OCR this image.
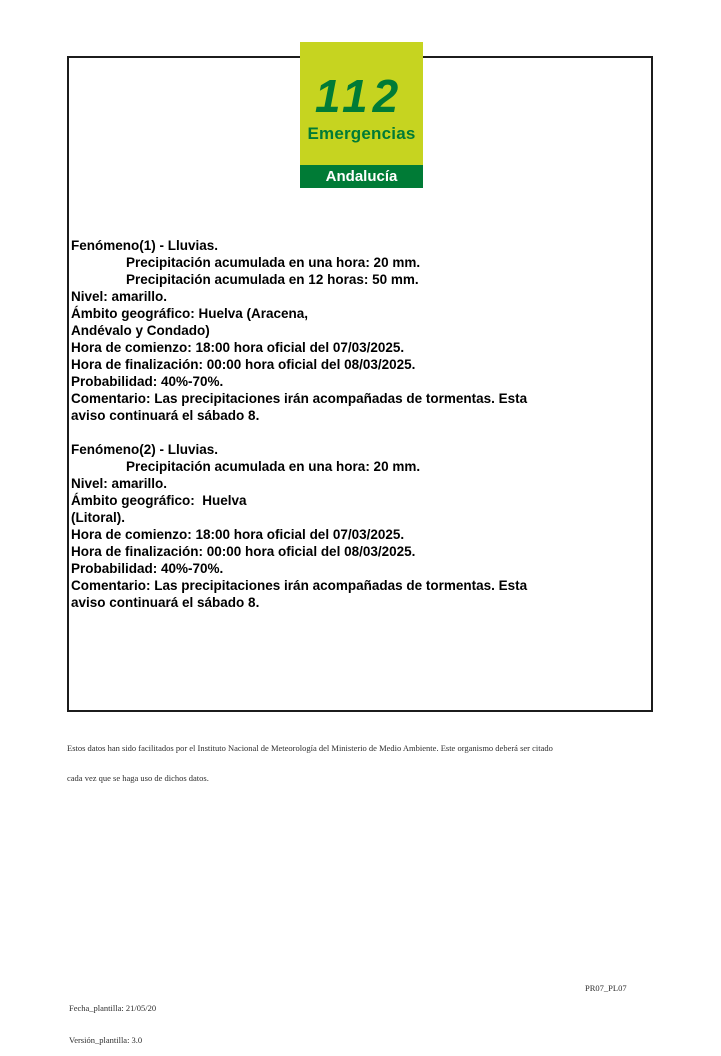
112
Emergencias
Andalucía
Fenómeno(1) - Lluvias.
Precipitación acumulada en una hora: 20 mm.
Precipitación acumulada en 12 horas: 50 mm.
Nivel: amarillo.
Ámbito geográfico: Huelva (Aracena,
Andévalo y Condado)
Hora de comienzo: 18:00 hora oficial del 07/03/2025.
Hora de finalización: 00:00 hora oficial del 08/03/2025.
Probabilidad: 40%-70%.
Comentario: Las precipitaciones irán acompañadas de tormentas. Esta
aviso continuará el sábado 8.
Fenómeno(2) - Lluvias.
Precipitación acumulada en una hora: 20 mm.
Nivel: amarillo.
Ámbito geográfico:  Huelva
(Litoral).
Hora de comienzo: 18:00 hora oficial del 07/03/2025.
Hora de finalización: 00:00 hora oficial del 08/03/2025.
Probabilidad: 40%-70%.
Comentario: Las precipitaciones irán acompañadas de tormentas. Esta
aviso continuará el sábado 8.

Estos datos han sido facilitados por el Instituto Nacional de Meteorología del Ministerio de Medio Ambiente. Este organismo deberá ser citado

cada vez que se haga uso de dichos datos.

Fecha_plantilla: 21/05/20

Versión_plantilla: 3.0

PR07_PL07
